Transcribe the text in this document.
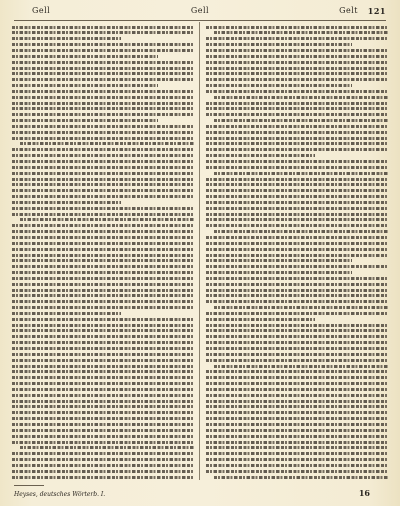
Gell	Gell	Gelt 121
Heyses, deutsches Wörterb. I.	16
